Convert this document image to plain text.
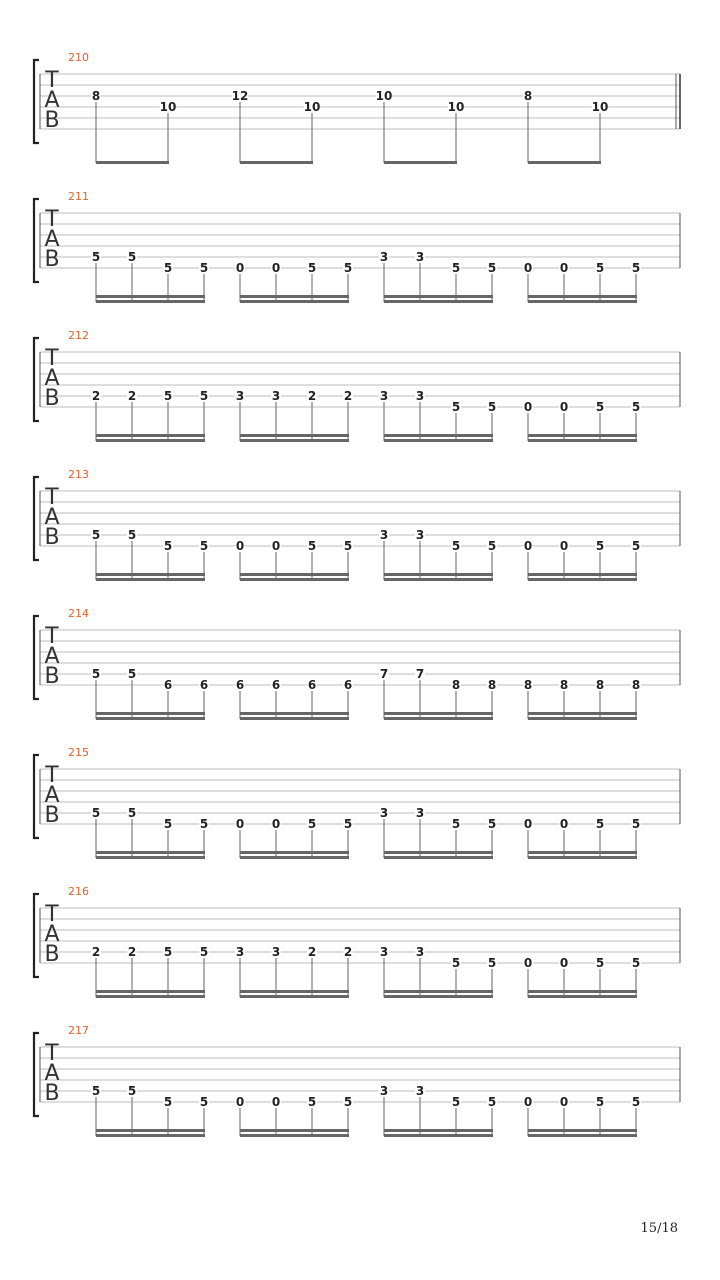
T
A
B
210
8
10
12
10
10
10
8
10
T
A
B
211
5 5
5 5 0 0 5 5
3 3
5 5 0 0 5 5
T
A
B
212
2 2 5 5 3 3 2 2 3 3
5 5 0 0 5 5
T
A
B
213
5 5
5 5 0 0 5 5
3 3
5 5 0 0 5 5
T
A
B
214
5 5
6 6 6 6 6 6
7 7
8 8 8 8 8 8
T
A
B
215
5 5
5 5 0 0 5 5
3 3
5 5 0 0 5 5
T
A
B
216
2 2 5 5 3 3 2 2 3 3
5 5 0 0 5 5
T
A
B
217
5 5
5 5 0 0 5 5
3 3
5 5 0 0 5 5
15/18
